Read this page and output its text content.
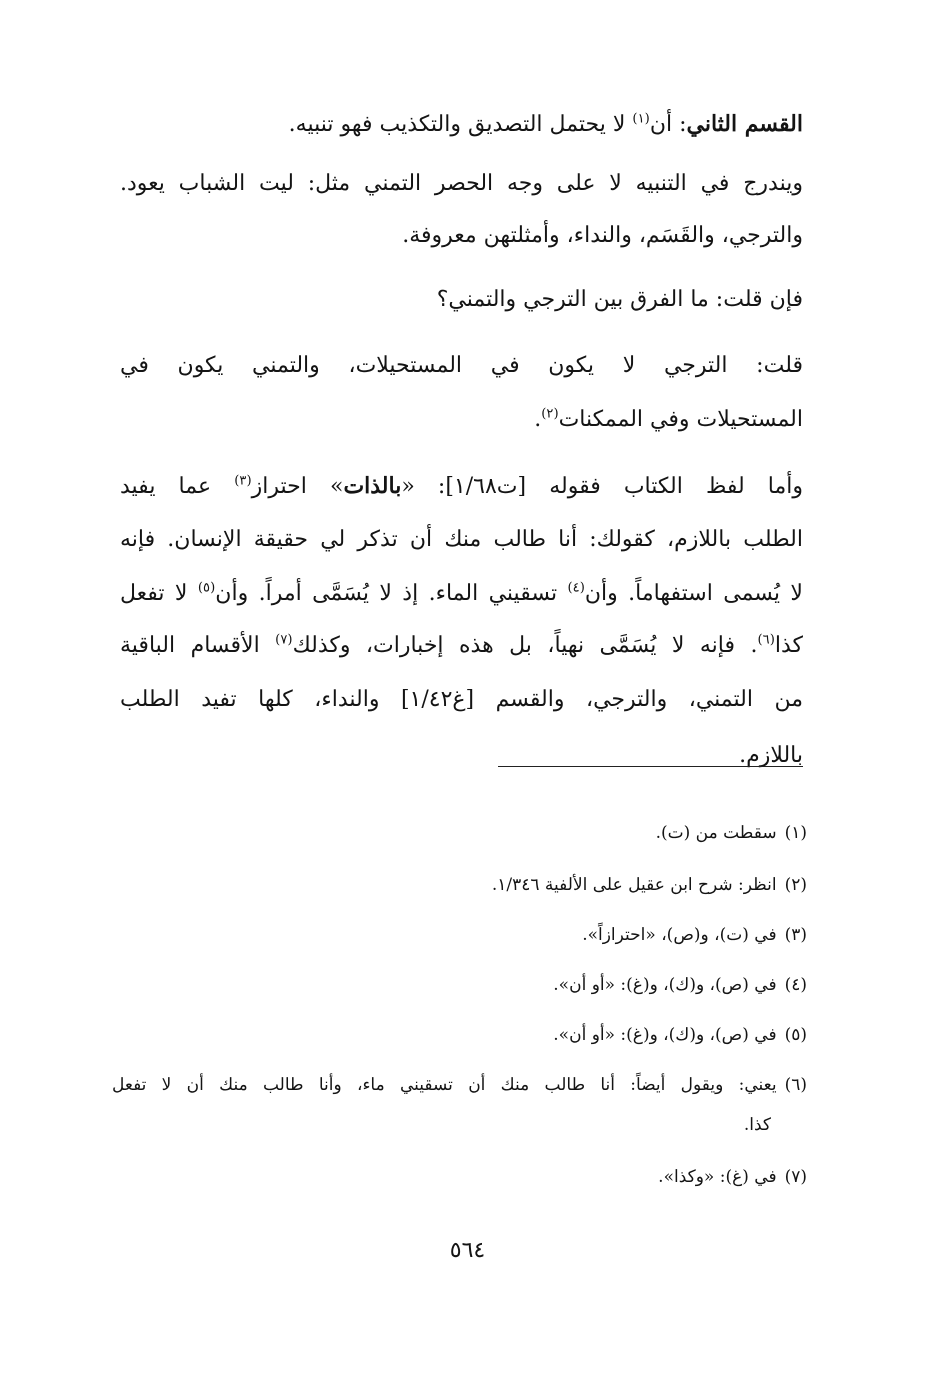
القسم الثاني: أن$^{(١)}$ لا يحتمل التصديق والتكذيب فهو تنبيه.
ويندرج في التنبيه لا على وجه الحصر التمني مثل: ليت الشباب يعود.
والترجي، والقَسَم، والنداء، وأمثلتهن معروفة.
فإن قلت: ما الفرق بين الترجي والتمني؟
قلت: الترجي لا يكون في المستحيلات، والتمني يكون في
المستحيلات وفي الممكنات$^{(٢)}$.
وأما لفظ الكتاب فقوله [ت١/٦٨]: «بالذات» احتراز$^{(٣)}$ عما يفيد
الطلب باللازم، كقولك: أنا طالب منك أن تذكر لي حقيقة الإنسان. فإنه
لا يُسمى استفهاماً. وأن$^{(٤)}$ تسقيني الماء. إذ لا يُسَمَّى أمراً. وأن$^{(٥)}$ لا تفعل
كذا$^{(٦)}$. فإنه لا يُسَمَّى نهياً، بل هذه إخبارات، وكذلك$^{(٧)}$ الأقسام الباقية
من التمني، والترجي، والقسم [غ١/٤٢] والنداء، كلها تفيد الطلب
باللازم.
(١)سقطت من (ت).
(٢)انظر: شرح ابن عقيل على الألفية ١/٣٤٦.
(٣)في (ت)، و(ص)، «احترازاً».
(٤)في (ص)، و(ك)، و(غ): «أو أن».
(٥)في (ص)، و(ك)، و(غ): «أو أن».
(٦)يعني: ويقول أيضاً: أنا طالب منك أن تسقيني ماء، وأنا طالب منك أن لا تفعل
كذا.
(٧)في (غ): «وكذا».
٥٦٤
